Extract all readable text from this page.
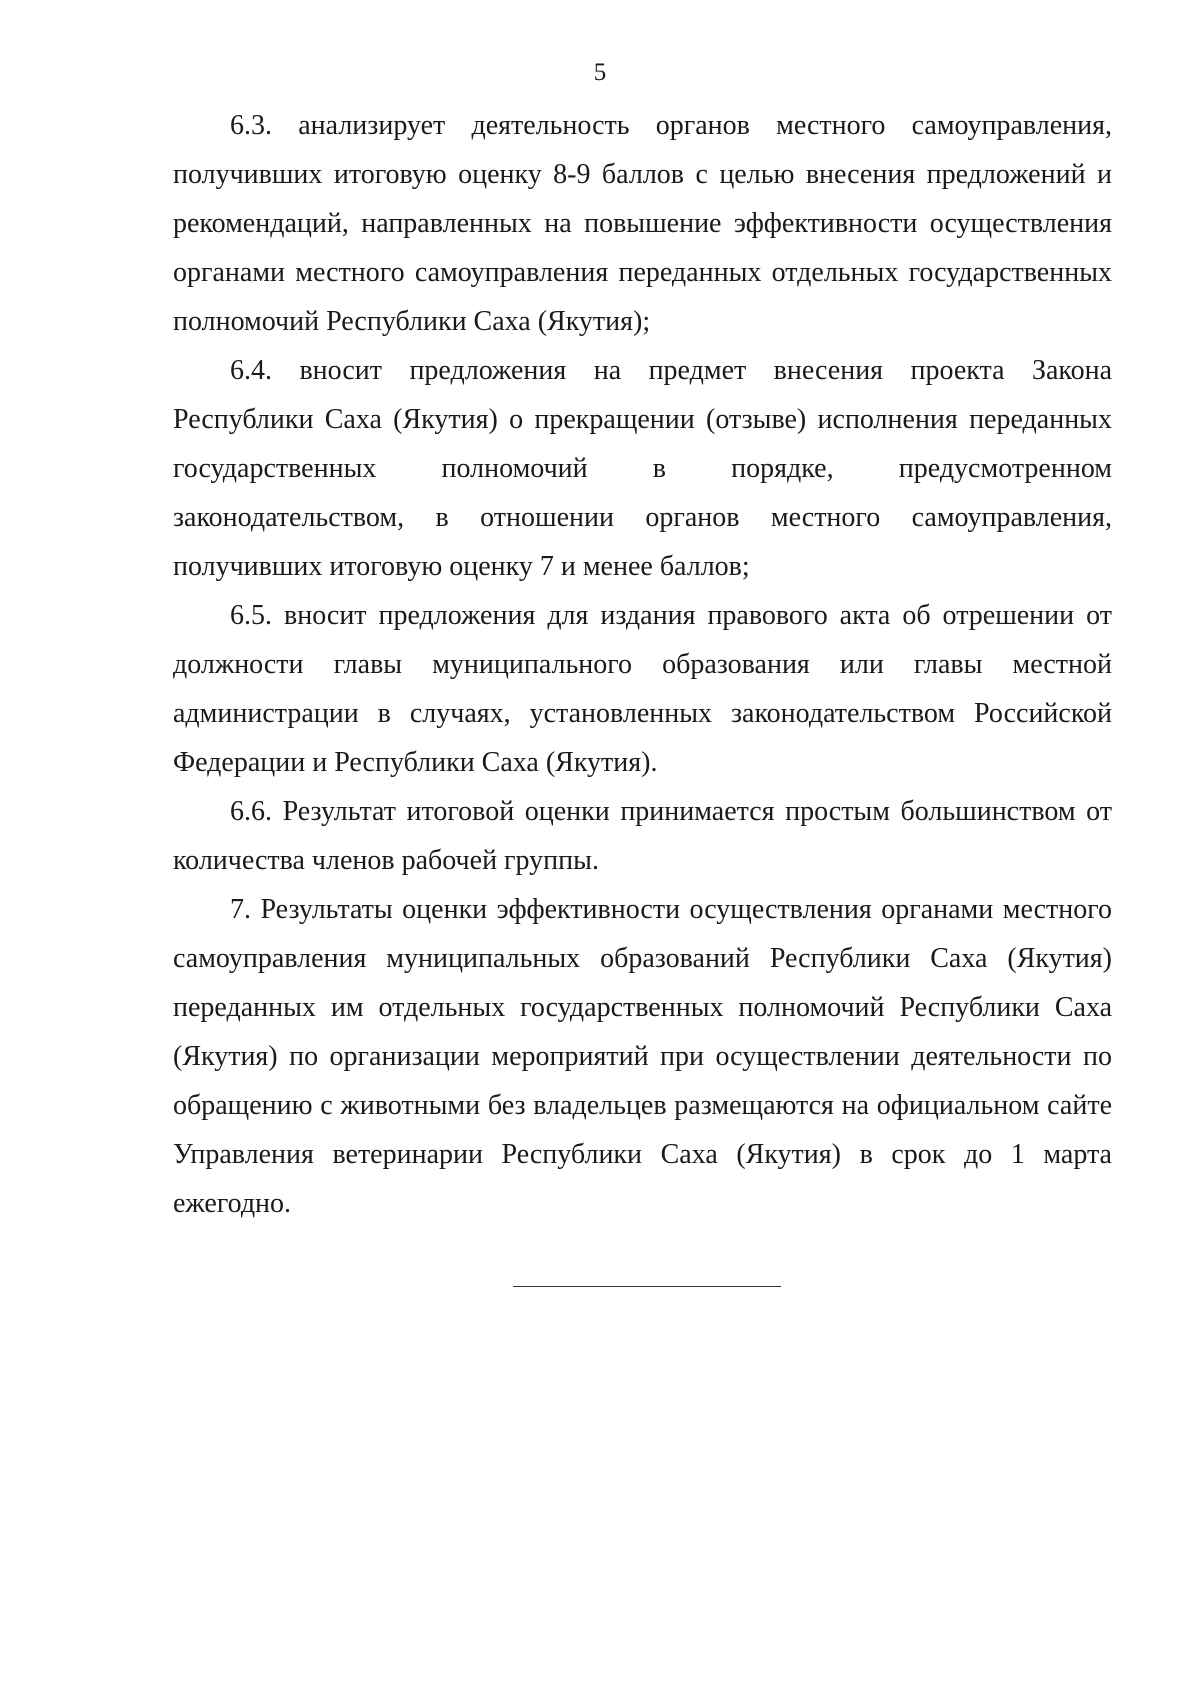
5

6.3. анализирует деятельность органов местного самоуправления, получивших итоговую оценку 8-9 баллов с целью внесения предложений и рекомендаций, направленных на повышение эффективности осуществления органами местного самоуправления переданных отдельных государственных полномочий Республики Саха (Якутия);

6.4. вносит предложения на предмет внесения проекта Закона Республики Саха (Якутия) о прекращении (отзыве) исполнения переданных государственных полномочий в порядке, предусмотренном законодательством, в отношении органов местного самоуправления, получивших итоговую оценку 7 и менее баллов;

6.5. вносит предложения для издания правового акта об отрешении от должности главы муниципального образования или главы местной администрации в случаях, установленных законодательством Российской Федерации и Республики Саха (Якутия).

6.6. Результат итоговой оценки принимается простым большинством от количества членов рабочей группы.

7. Результаты оценки эффективности осуществления органами местного самоуправления муниципальных образований Республики Саха (Якутия) переданных им отдельных государственных полномочий Республики Саха (Якутия) по организации мероприятий при осуществлении деятельности по обращению с животными без владельцев размещаются на официальном сайте Управления ветеринарии Республики Саха (Якутия) в срок до 1 марта ежегодно.
